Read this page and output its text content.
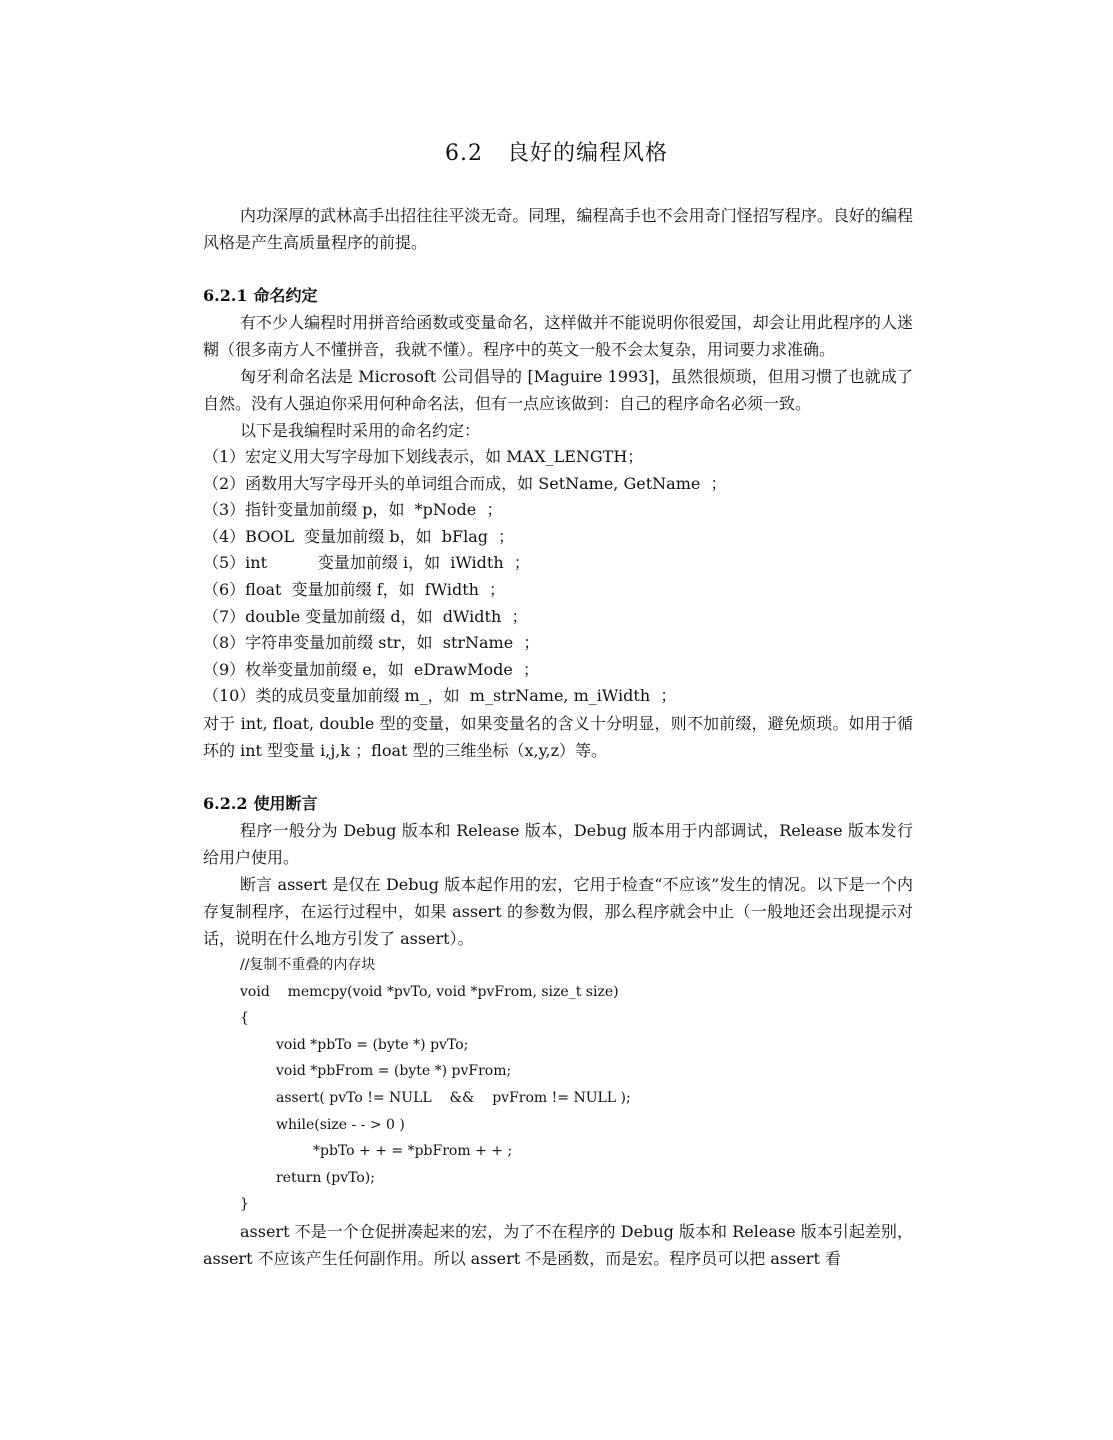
6.2 良好的编程风格

内功深厚的武林高手出招往往平淡无奇。同理，编程高手也不会用奇门怪招写程序。良好的编程风格是产生高质量程序的前提。

6.2.1 命名约定

有不少人编程时用拼音给函数或变量命名，这样做并不能说明你很爱国，却会让用此程序的人迷糊（很多南方人不懂拼音，我就不懂）。程序中的英文一般不会太复杂，用词要力求准确。

匈牙利命名法是 Microsoft 公司倡导的 [Maguire 1993]，虽然很烦琐，但用习惯了也就成了自然。没有人强迫你采用何种命名法，但有一点应该做到：自己的程序命名必须一致。

以下是我编程时采用的命名约定：

（1）宏定义用大写字母加下划线表示，如 MAX_LENGTH；

（2）函数用大写字母开头的单词组合而成，如 SetName, GetName  ；

（3）指针变量加前缀 p，如  *pNode  ；

（4）BOOL  变量加前缀 b，如  bFlag  ；

（5）int          变量加前缀 i，如  iWidth  ；

（6）float  变量加前缀 f，如  fWidth  ；

（7）double 变量加前缀 d，如  dWidth  ；

（8）字符串变量加前缀 str，如  strName  ；

（9）枚举变量加前缀 e，如  eDrawMode  ；

（10）类的成员变量加前缀 m_，如  m_strName, m_iWidth  ；

对于 int, float, double 型的变量，如果变量名的含义十分明显，则不加前缀，避免烦琐。如用于循环的 int 型变量 i,j,k ；float 型的三维坐标（x,y,z）等。

6.2.2 使用断言

程序一般分为 Debug 版本和 Release 版本，Debug 版本用于内部调试，Release 版本发行给用户使用。

断言 assert 是仅在 Debug 版本起作用的宏，它用于检查“不应该”发生的情况。以下是一个内存复制程序，在运行过程中，如果 assert 的参数为假，那么程序就会中止（一般地还会出现提示对话，说明在什么地方引发了 assert）。

//复制不重叠的内存块

void    memcpy(void *pvTo, void *pvFrom, size_t size)

{

void *pbTo = (byte *) pvTo;

void *pbFrom = (byte *) pvFrom;

assert( pvTo != NULL    &&    pvFrom != NULL );

while(size - - > 0 )

*pbTo + + = *pbFrom + + ;

return (pvTo);

}

assert 不是一个仓促拼凑起来的宏，为了不在程序的 Debug 版本和 Release 版本引起差别，assert 不应该产生任何副作用。所以 assert 不是函数，而是宏。程序员可以把 assert 看
